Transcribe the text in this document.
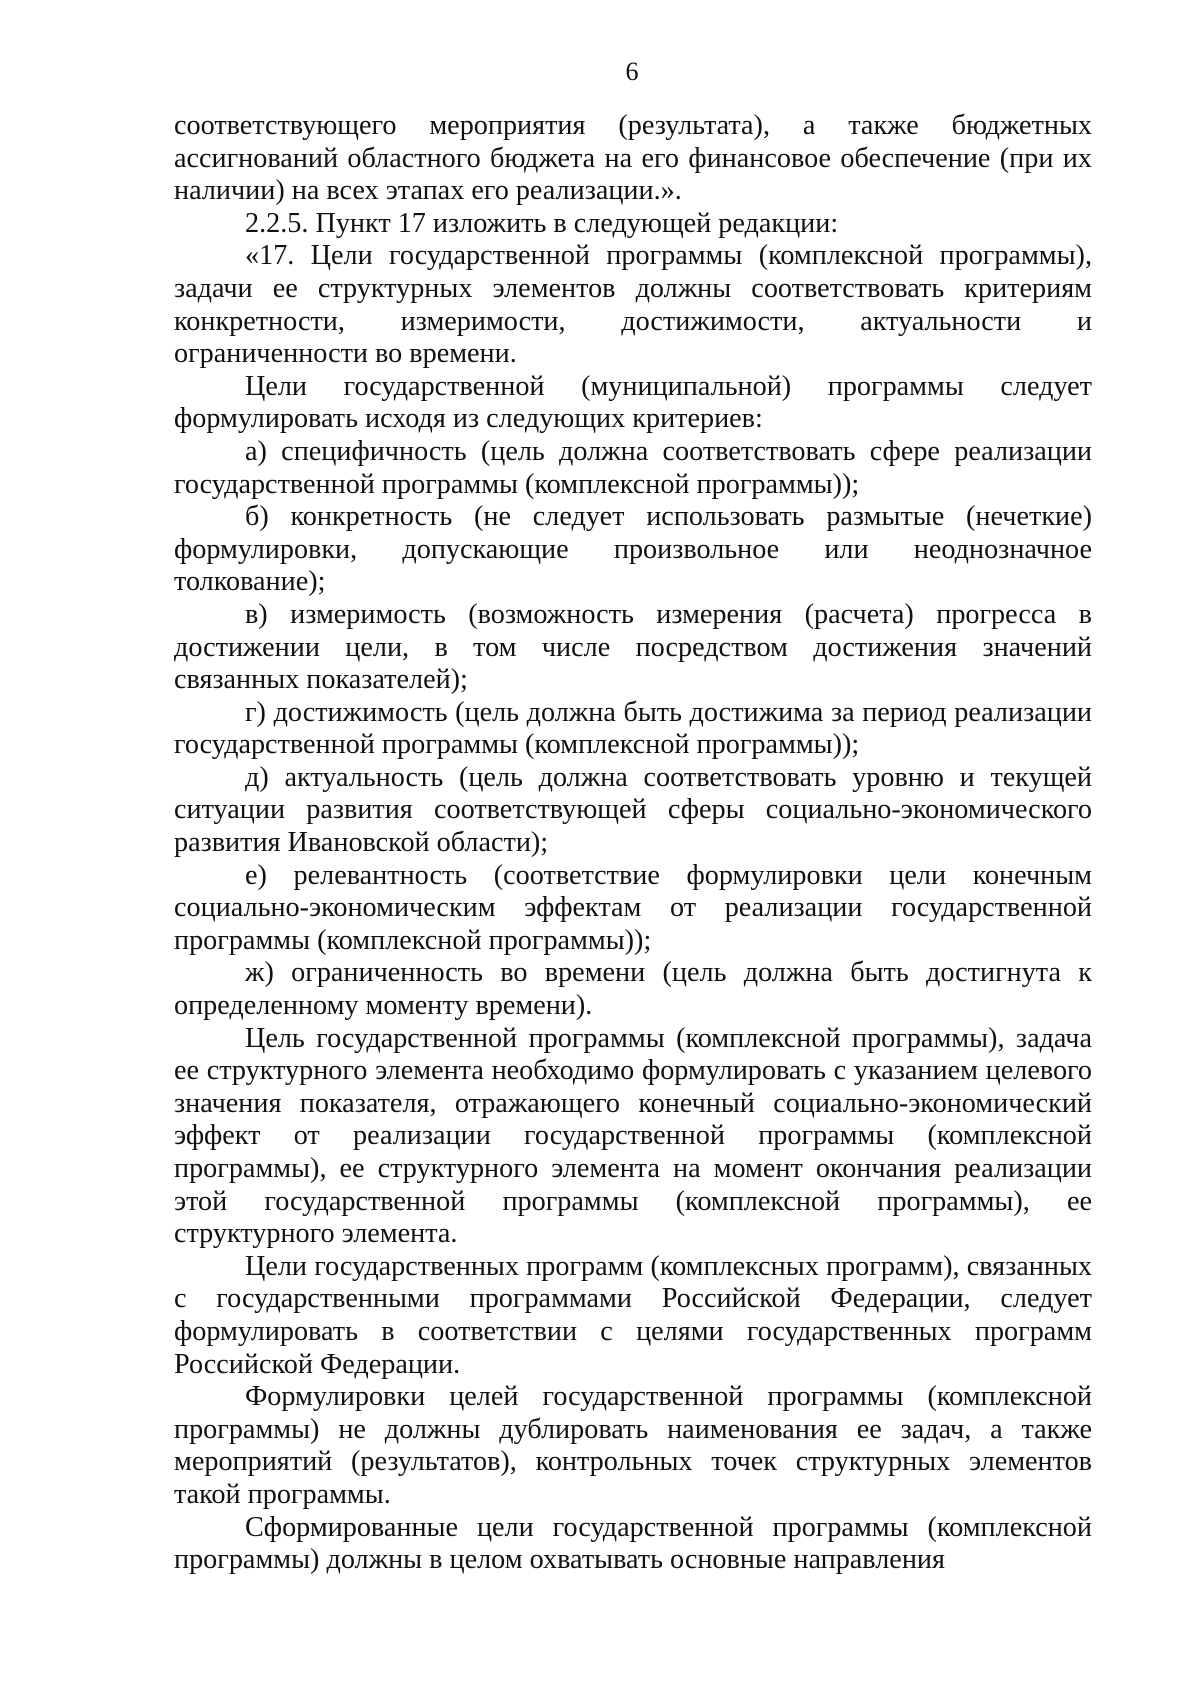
6

соответствующего мероприятия (результата), а также бюджетных ассигнований областного бюджета на его финансовое обеспечение (при их наличии) на всех этапах его реализации.».

2.2.5. Пункт 17 изложить в следующей редакции:

«17. Цели государственной программы (комплексной программы), задачи ее структурных элементов должны соответствовать критериям конкретности, измеримости, достижимости, актуальности и ограниченности во времени.

Цели государственной (муниципальной) программы следует формулировать исходя из следующих критериев:

а) специфичность (цель должна соответствовать сфере реализации государственной программы (комплексной программы));

б) конкретность (не следует использовать размытые (нечеткие) формулировки, допускающие произвольное или неоднозначное толкование);

в) измеримость (возможность измерения (расчета) прогресса в достижении цели, в том числе посредством достижения значений связанных показателей);

г) достижимость (цель должна быть достижима за период реализации государственной программы (комплексной программы));

д) актуальность (цель должна соответствовать уровню и текущей ситуации развития соответствующей сферы социально-экономического развития Ивановской области);

е) релевантность (соответствие формулировки цели конечным социально-экономическим эффектам от реализации государственной программы (комплексной программы));

ж) ограниченность во времени (цель должна быть достигнута к определенному моменту времени).

Цель государственной программы (комплексной программы), задача ее структурного элемента необходимо формулировать с указанием целевого значения показателя, отражающего конечный социально-экономический эффект от реализации государственной программы (комплексной программы), ее структурного элемента на момент окончания реализации этой государственной программы (комплексной программы), ее структурного элемента.

Цели государственных программ (комплексных программ), связанных с государственными программами Российской Федерации, следует формулировать в соответствии с целями государственных программ Российской Федерации.

Формулировки целей государственной программы (комплексной программы) не должны дублировать наименования ее задач, а также мероприятий (результатов), контрольных точек структурных элементов такой программы.

Сформированные цели государственной программы (комплексной программы) должны в целом охватывать основные направления
